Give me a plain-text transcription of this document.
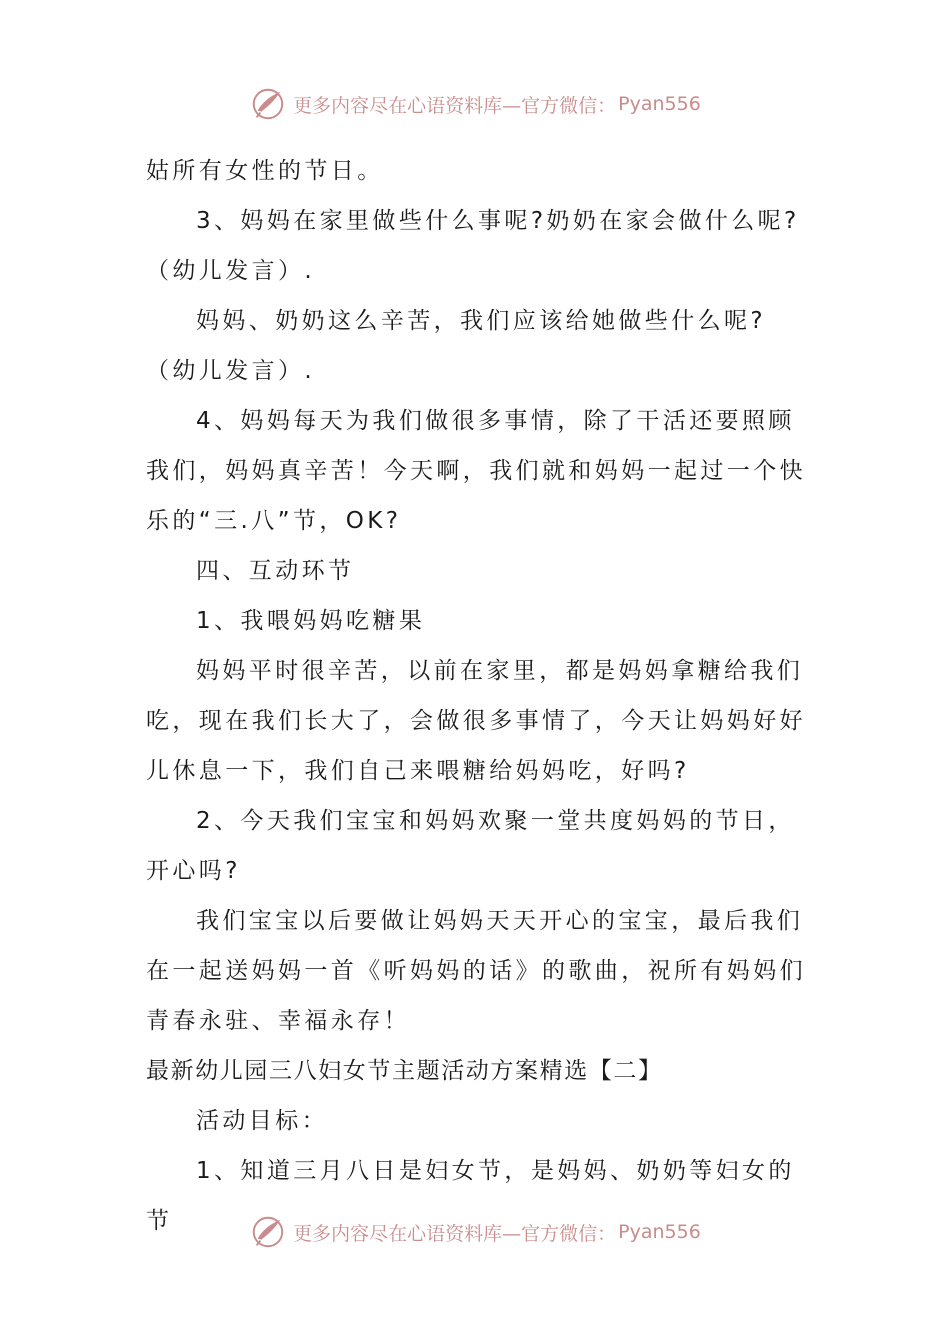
更多内容尽在心语资料库—官方微信： Pyan556

姑所有女性的节日。

3、妈妈在家里做些什么事呢?奶奶在家会做什么呢?（幼儿发言）.

妈妈、奶奶这么辛苦，我们应该给她做些什么呢?（幼儿发言）.

4、妈妈每天为我们做很多事情，除了干活还要照顾我们，妈妈真辛苦！今天啊，我们就和妈妈一起过一个快乐的“三.八”节，OK?

四、互动环节

1、我喂妈妈吃糖果

妈妈平时很辛苦，以前在家里，都是妈妈拿糖给我们吃，现在我们长大了，会做很多事情了，今天让妈妈好好儿休息一下，我们自己来喂糖给妈妈吃，好吗?

2、今天我们宝宝和妈妈欢聚一堂共度妈妈的节日，开心吗?

我们宝宝以后要做让妈妈天天开心的宝宝，最后我们在一起送妈妈一首《听妈妈的话》的歌曲，祝所有妈妈们青春永驻、幸福永存！

最新幼儿园三八妇女节主题活动方案精选【二】

活动目标：

1、知道三月八日是妇女节，是妈妈、奶奶等妇女的节	更多内容尽在心语资料库—官方微信： Pyan556
